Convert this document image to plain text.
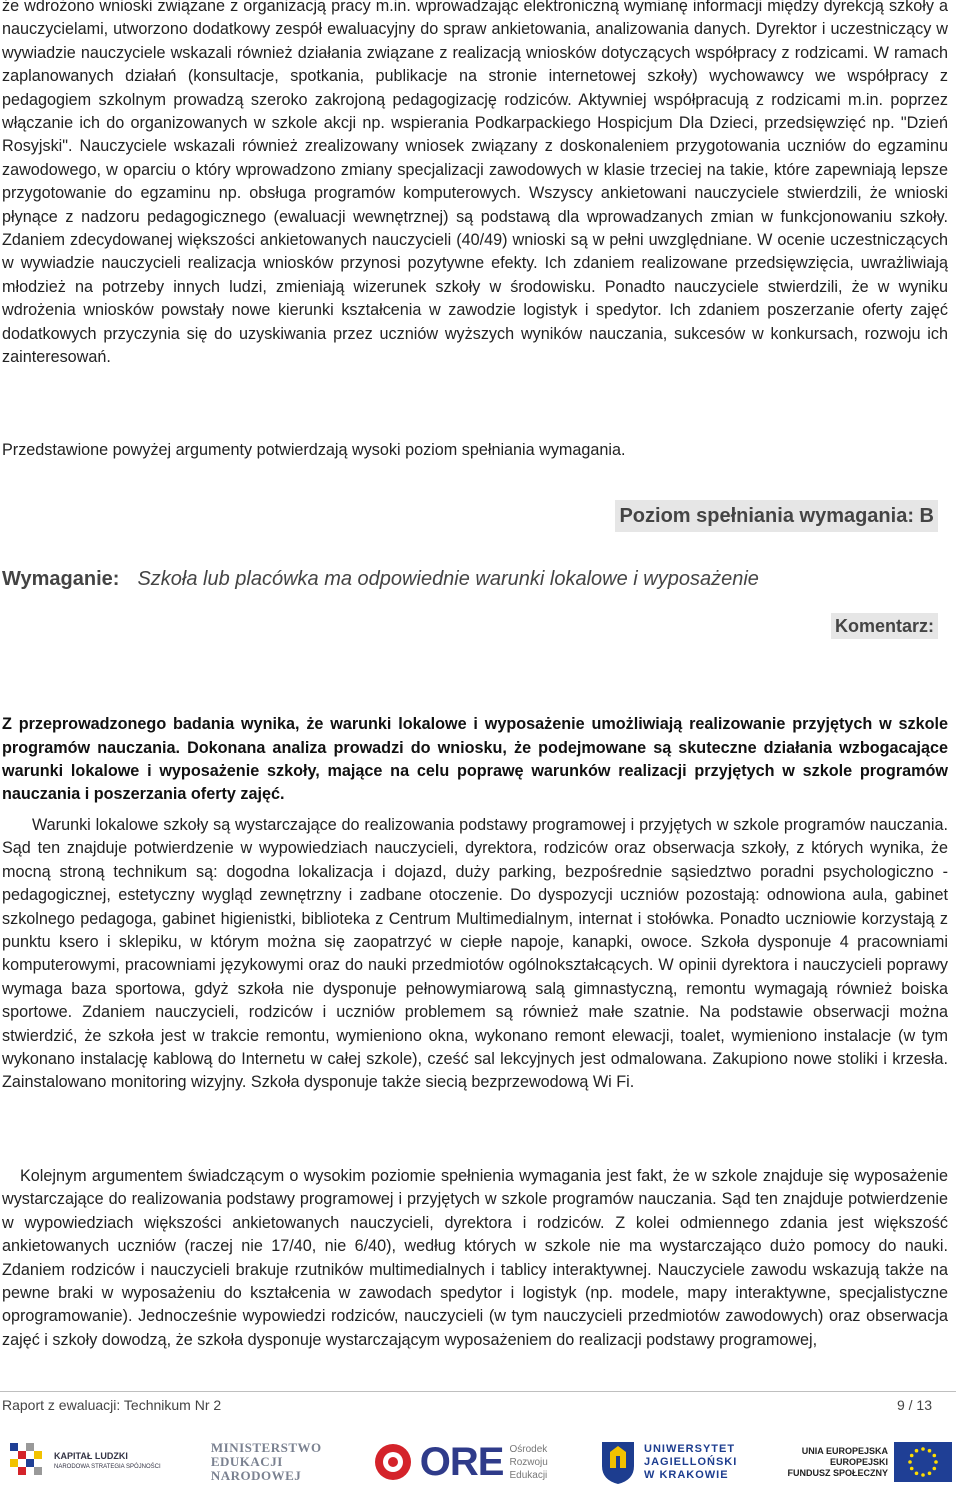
że wdrożono wnioski związane z organizacją pracy m.in. wprowadzając elektroniczną wymianę informacji między dyrekcją szkoły a nauczycielami, utworzono dodatkowy zespół ewaluacyjny do spraw ankietowania, analizowania danych. Dyrektor i uczestniczący w wywiadzie nauczyciele wskazali również działania związane z realizacją wniosków dotyczących współpracy z rodzicami. W ramach zaplanowanych działań (konsultacje, spotkania, publikacje na stronie internetowej szkoły) wychowawcy we współpracy z pedagogiem szkolnym prowadzą szeroko zakrojoną pedagogizację rodziców. Aktywniej współpracują z rodzicami m.in. poprzez włączanie ich do organizowanych w szkole akcji np. wspierania Podkarpackiego Hospicjum Dla Dzieci, przedsięwzięć np. "Dzień Rosyjski". Nauczyciele wskazali również zrealizowany wniosek związany z doskonaleniem przygotowania uczniów do egzaminu zawodowego, w oparciu o który wprowadzono zmiany specjalizacji zawodowych w klasie trzeciej na takie, które zapewniają lepsze przygotowanie do egzaminu np. obsługa programów komputerowych. Wszyscy ankietowani nauczyciele stwierdzili, że wnioski płynące z nadzoru pedagogicznego (ewaluacji wewnętrznej) są podstawą dla wprowadzanych zmian w funkcjonowaniu szkoły. Zdaniem zdecydowanej większości ankietowanych nauczycieli (40/49) wnioski są w pełni uwzględniane. W ocenie uczestniczących w wywiadzie nauczycieli realizacja wniosków przynosi pozytywne efekty. Ich zdaniem realizowane przedsięwzięcia, uwrażliwiają młodzież na potrzeby innych ludzi, zmieniają wizerunek szkoły w środowisku. Ponadto nauczyciele stwierdzili, że w wyniku wdrożenia wniosków powstały nowe kierunki kształcenia w zawodzie logistyk i spedytor. Ich zdaniem poszerzanie oferty zajęć dodatkowych przyczynia się do uzyskiwania przez uczniów wyższych wyników nauczania, sukcesów w konkursach, rozwoju ich zainteresowań.

Przedstawione powyżej argumenty potwierdzają wysoki poziom spełniania wymagania.

Poziom spełniania wymagania: B
Wymaganie: Szkoła lub placówka ma odpowiednie warunki lokalowe i wyposażenie
Komentarz:

Z przeprowadzonego badania wynika, że warunki lokalowe i wyposażenie umożliwiają realizowanie przyjętych w szkole programów nauczania. Dokonana analiza prowadzi do wniosku, że podejmowane są skuteczne działania wzbogacające warunki lokalowe i wyposażenie szkoły, mające na celu poprawę warunków realizacji przyjętych w szkole programów nauczania i poszerzania oferty zajęć.

Warunki lokalowe szkoły są wystarczające do realizowania podstawy programowej i przyjętych w szkole programów nauczania. Sąd ten znajduje potwierdzenie w wypowiedziach nauczycieli, dyrektora, rodziców oraz obserwacja szkoły, z których wynika, że mocną stroną technikum są: dogodna lokalizacja i dojazd, duży parking, bezpośrednie sąsiedztwo poradni psychologiczno - pedagogicznej, estetyczny wygląd zewnętrzny i zadbane otoczenie. Do dyspozycji uczniów pozostają: odnowiona aula, gabinet szkolnego pedagoga, gabinet higienistki, biblioteka z Centrum Multimedialnym, internat i stołówka. Ponadto uczniowie korzystają z punktu ksero i sklepiku, w którym można się zaopatrzyć w ciepłe napoje, kanapki, owoce. Szkoła dysponuje 4 pracowniami komputerowymi, pracowniami językowymi oraz do nauki przedmiotów ogólnokształcących. W opinii dyrektora i nauczycieli poprawy wymaga baza sportowa, gdyż szkoła nie dysponuje pełnowymiarową salą gimnastyczną, remontu wymagają również boiska sportowe. Zdaniem nauczycieli, rodziców i uczniów problemem są również małe szatnie. Na podstawie obserwacji można stwierdzić, że szkoła jest w trakcie remontu, wymieniono okna, wykonano remont elewacji, toalet, wymieniono instalacje (w tym wykonano instalację kablową do Internetu w całej szkole), cześć sal lekcyjnych jest odmalowana. Zakupiono nowe stoliki i krzesła. Zainstalowano monitoring wizyjny. Szkoła dysponuje także siecią bezprzewodową Wi Fi.

Kolejnym argumentem świadczącym o wysokim poziomie spełnienia wymagania jest fakt, że w szkole znajduje się wyposażenie wystarczające do realizowania podstawy programowej i przyjętych w szkole programów nauczania. Sąd ten znajduje potwierdzenie w wypowiedziach większości ankietowanych nauczycieli, dyrektora i rodziców. Z kolei odmiennego zdania jest większość ankietowanych uczniów (raczej nie 17/40, nie 6/40), według których w szkole nie ma wystarczająco dużo pomocy do nauki. Zdaniem rodziców i nauczycieli brakuje rzutników multimedialnych i tablicy interaktywnej. Nauczyciele zawodu wskazują także na pewne braki w wyposażeniu do kształcenia w zawodach spedytor i logistyk (np. modele, mapy interaktywne, specjalistyczne oprogramowanie). Jednocześnie wypowiedzi rodziców, nauczycieli (w tym nauczycieli przedmiotów zawodowych) oraz obserwacja zajęć i szkoły dowodzą, że szkoła dysponuje wystarczającym wyposażeniem do realizacji podstawy programowej,

Raport z ewaluacji: Technikum Nr 2	9 / 13
KAPITAŁ LUDZKI
NARODOWA STRATEGIA SPÓJNOŚCI
MINISTERSTWO
EDUKACJI
NARODOWEJ	ORE Ośrodek
Rozwoju
Edukacji
UNIWERSYTET
JAGIELLOŃSKI
W KRAKOWIE
UNIA EUROPEJSKA
EUROPEJSKI
FUNDUSZ SPOŁECZNY
